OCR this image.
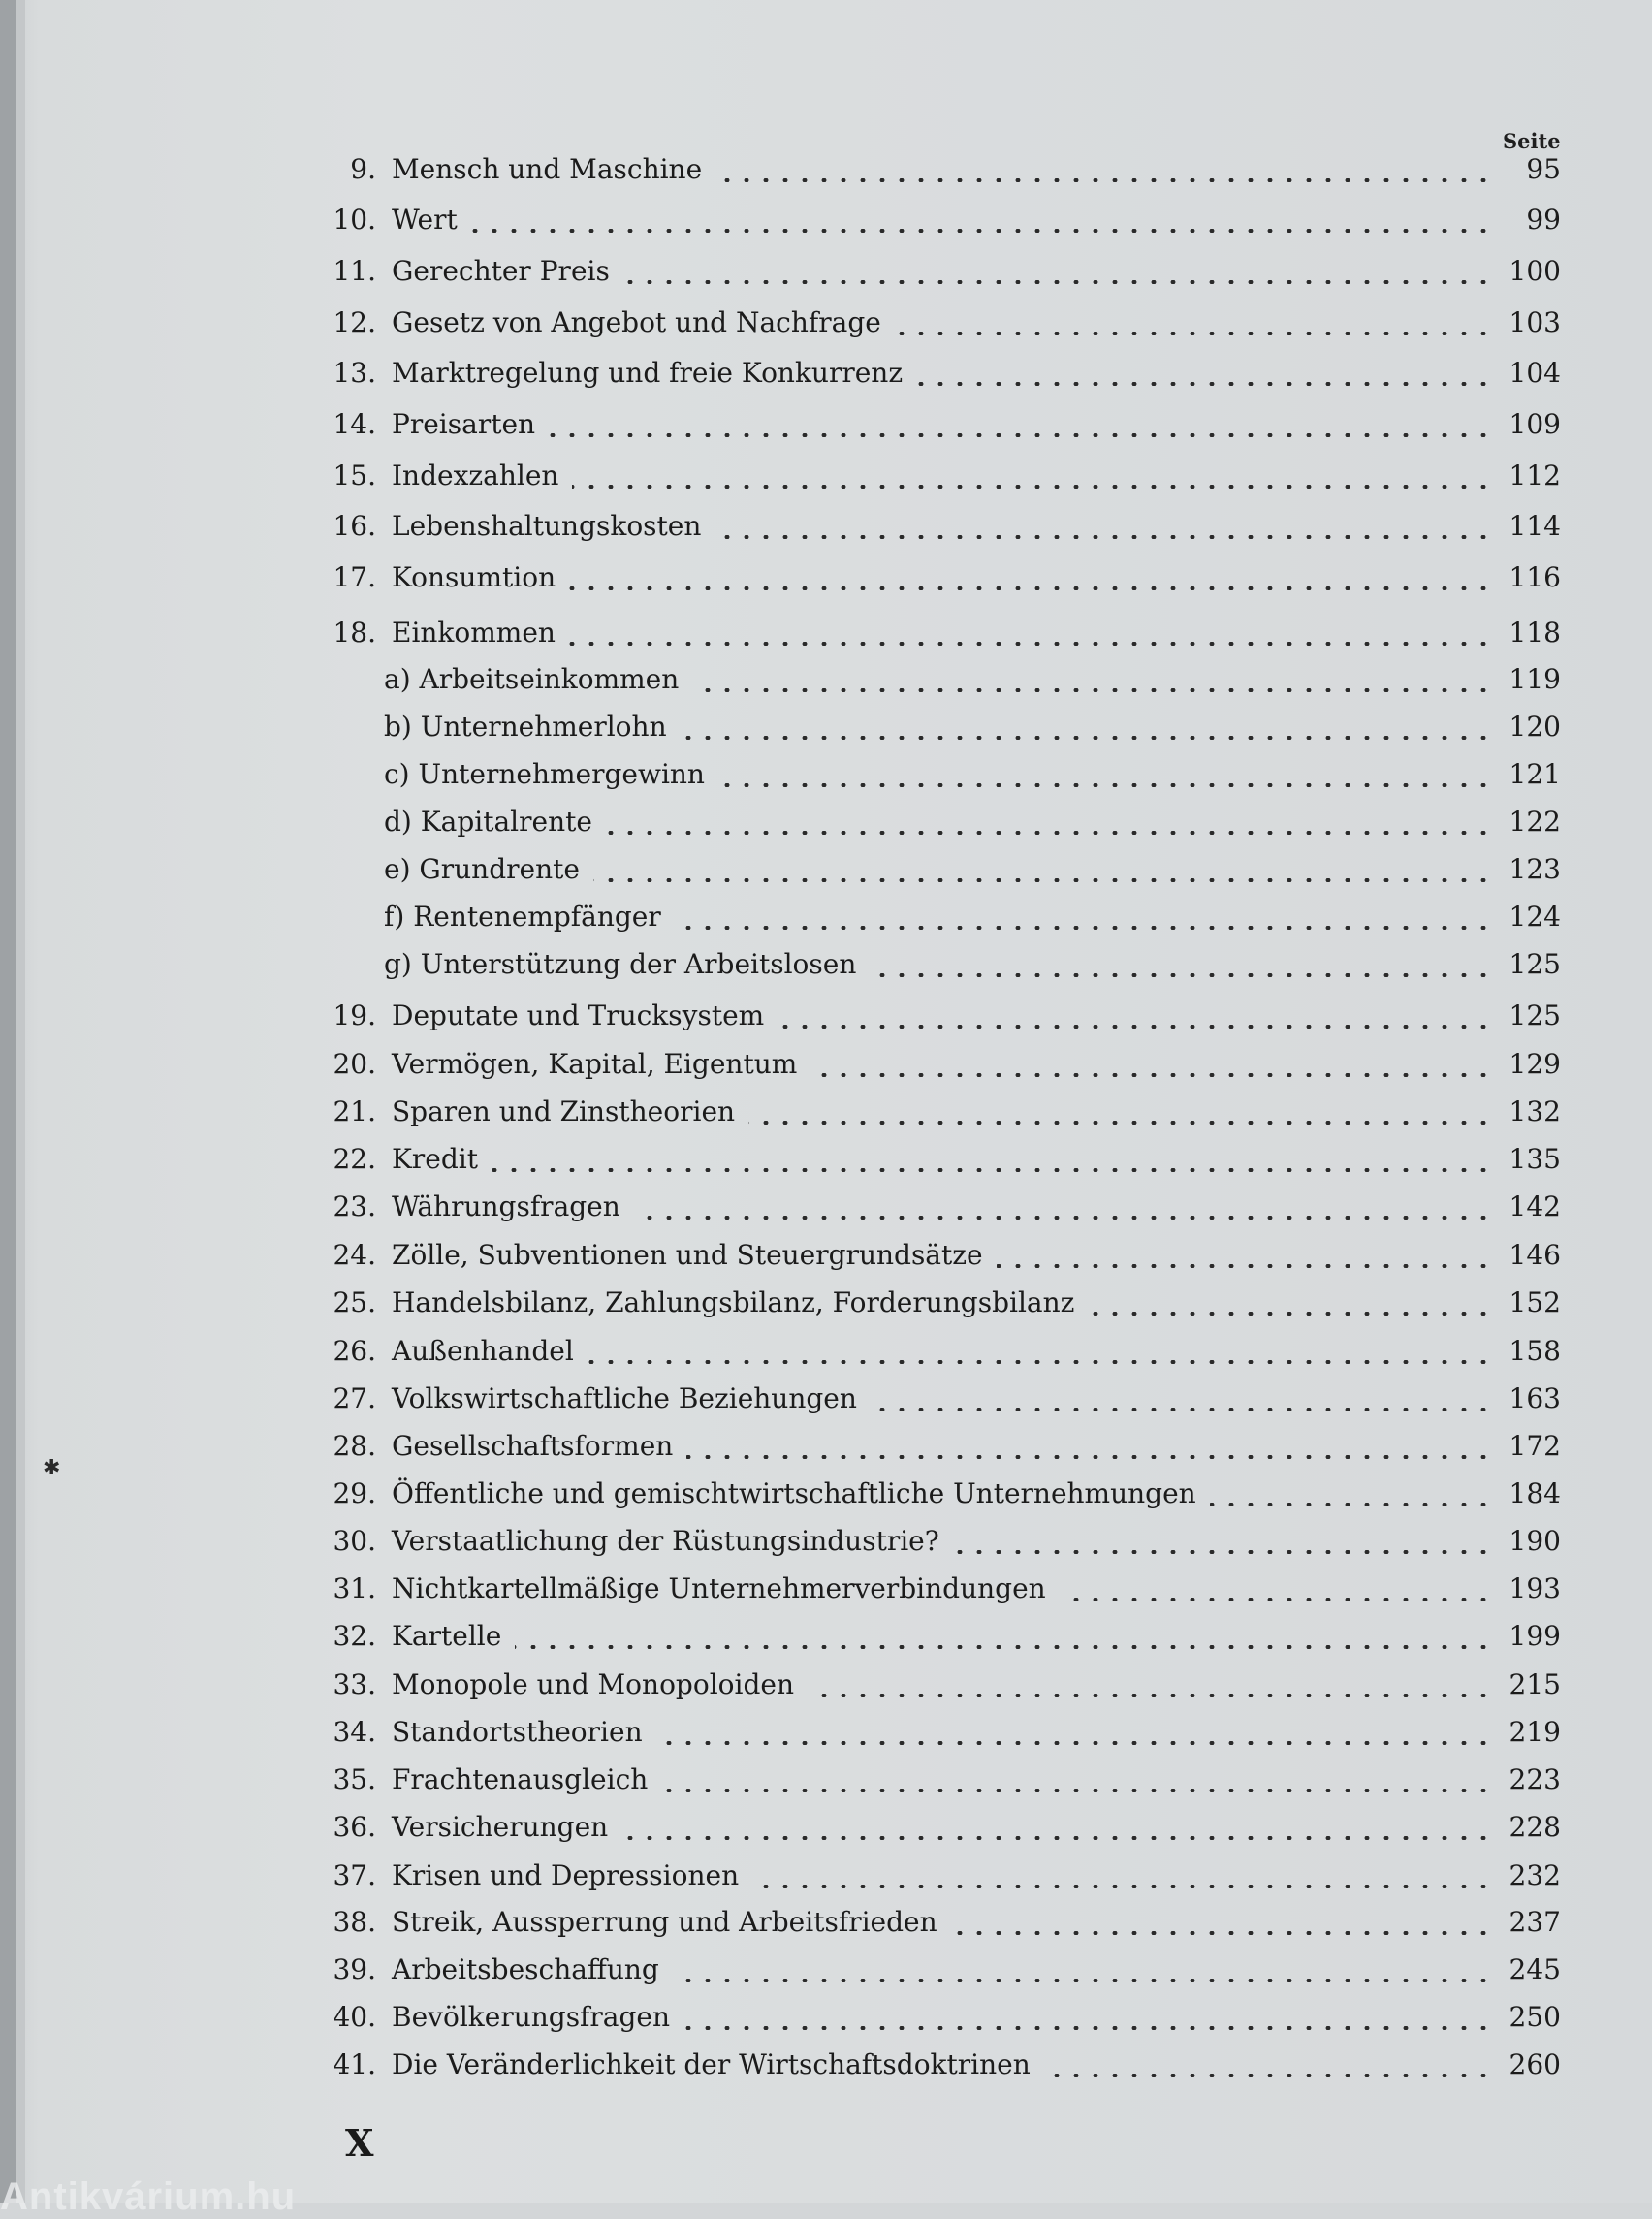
Seite
9. Mensch und Maschine	95
10. Wert	99
11. Gerechter Preis	100
12. Gesetz von Angebot und Nachfrage	103
13. Marktregelung und freie Konkurrenz	104
14. Preisarten	109
15. Indexzahlen	112
16. Lebenshaltungskosten	114
17. Konsumtion	116
18. Einkommen	118
a) Arbeitseinkommen	119
b) Unternehmerlohn	120
c) Unternehmergewinn	121
d) Kapitalrente	122
e) Grundrente	123
f) Rentenempfänger	124
g) Unterstützung der Arbeitslosen	125
19. Deputate und Trucksystem	125
20. Vermögen, Kapital, Eigentum	129
21. Sparen und Zinstheorien	132
22. Kredit	135
23. Währungsfragen	142
24. Zölle, Subventionen und Steuergrundsätze	146
25. Handelsbilanz, Zahlungsbilanz, Forderungsbilanz	152
26. Außenhandel	158
27. Volkswirtschaftliche Beziehungen	163
28. Gesellschaftsformen	172
29. Öffentliche und gemischtwirtschaftliche Unternehmungen	184
30. Verstaatlichung der Rüstungsindustrie?	190
31. Nichtkartellmäßige Unternehmerverbindungen	193
32. Kartelle	199
33. Monopole und Monopoloiden	215
34. Standortstheorien	219
35. Frachtenausgleich	223
36. Versicherungen	228
37. Krisen und Depressionen	232
38. Streik, Aussperrung und Arbeitsfrieden	237
39. Arbeitsbeschaffung	245
40. Bevölkerungsfragen	250
41. Die Veränderlichkeit der Wirtschaftsdoktrinen	260
✱
X
Antikvárium.hu
